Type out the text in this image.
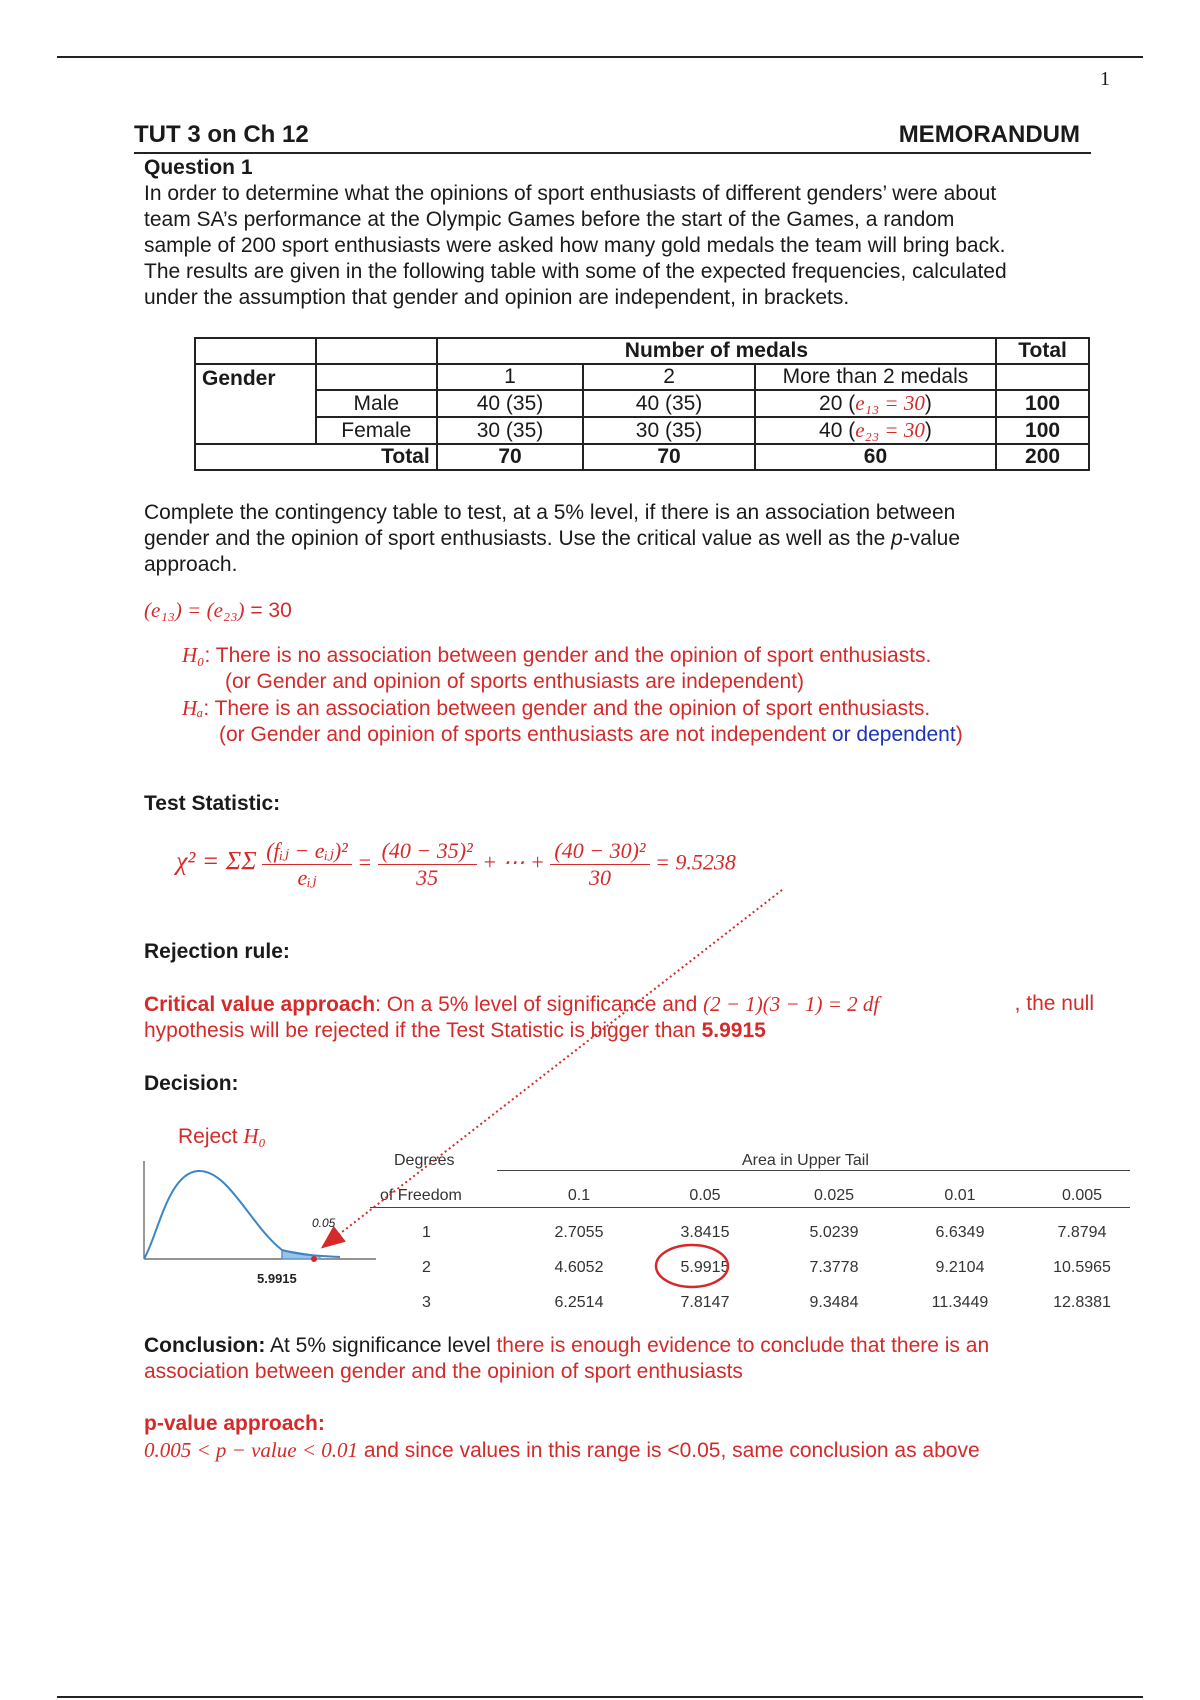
1
TUT 3 on Ch 12	MEMORANDUM
Question 1
In order to determine what the opinions of sport enthusiasts of different genders’ were about
team SA’s performance at the Olympic Games before the start of the Games, a random
sample of 200 sport enthusiasts were asked how many gold medals the team will bring back.
The results are given in the following table with some of the expected frequencies, calculated
under the assumption that gender and opinion are independent, in brackets.
		Number of medals			Total
Gender		1	2	More than 2 medals	
	Male	40 (35)	40 (35)	20 (e₁₃ = 30)	100
	Female	30 (35)	30 (35)	40 (e₂₃ = 30)	100
	Total	70	70	60	200
Complete the contingency table to test, at a 5% level, if there is an association between
gender and the opinion of sport enthusiasts. Use the critical value as well as the p-value
approach.
(e₁₃) = (e₂₃) = 30
H₀: There is no association between gender and the opinion of sport enthusiasts.
(or Gender and opinion of sports enthusiasts are independent)
Hₐ: There is an association between gender and the opinion of sport enthusiasts.
(or Gender and opinion of sports enthusiasts are not independent or dependent)
Test Statistic:
χ² = ΣΣ $\frac{\text{(fᵢⱼ − eᵢⱼ)²}}{\text{eᵢⱼ}} = \frac{\text{(40 − 35)²}}{35}$ + ⋯ + $\frac{\text{(40 − 30)²}}{30} = 9.5238$
Rejection rule:
Critical value approach: On a 5% level of significance and (2 − 1)(3 − 1) = 2 df	, the null
hypothesis will be rejected if the Test Statistic is bigger than 5.9915
Decision:
Reject H₀
0.05
5.9915
Degrees
of Freedom
Area in Upper Tail
0.1	0.05	0.025	0.01	0.005
1	2.7055	3.8415	5.0239	6.6349	7.8794
2	4.6052	5.9915	7.3778	9.2104	10.5965
3	6.2514	7.8147	9.3484	11.3449	12.8381
Conclusion: At 5% significance level there is enough evidence to conclude that there is an
association between gender and the opinion of sport enthusiasts
p-value approach:
0.005 < p − value < 0.01 and since values in this range is <0.05, same conclusion as above
